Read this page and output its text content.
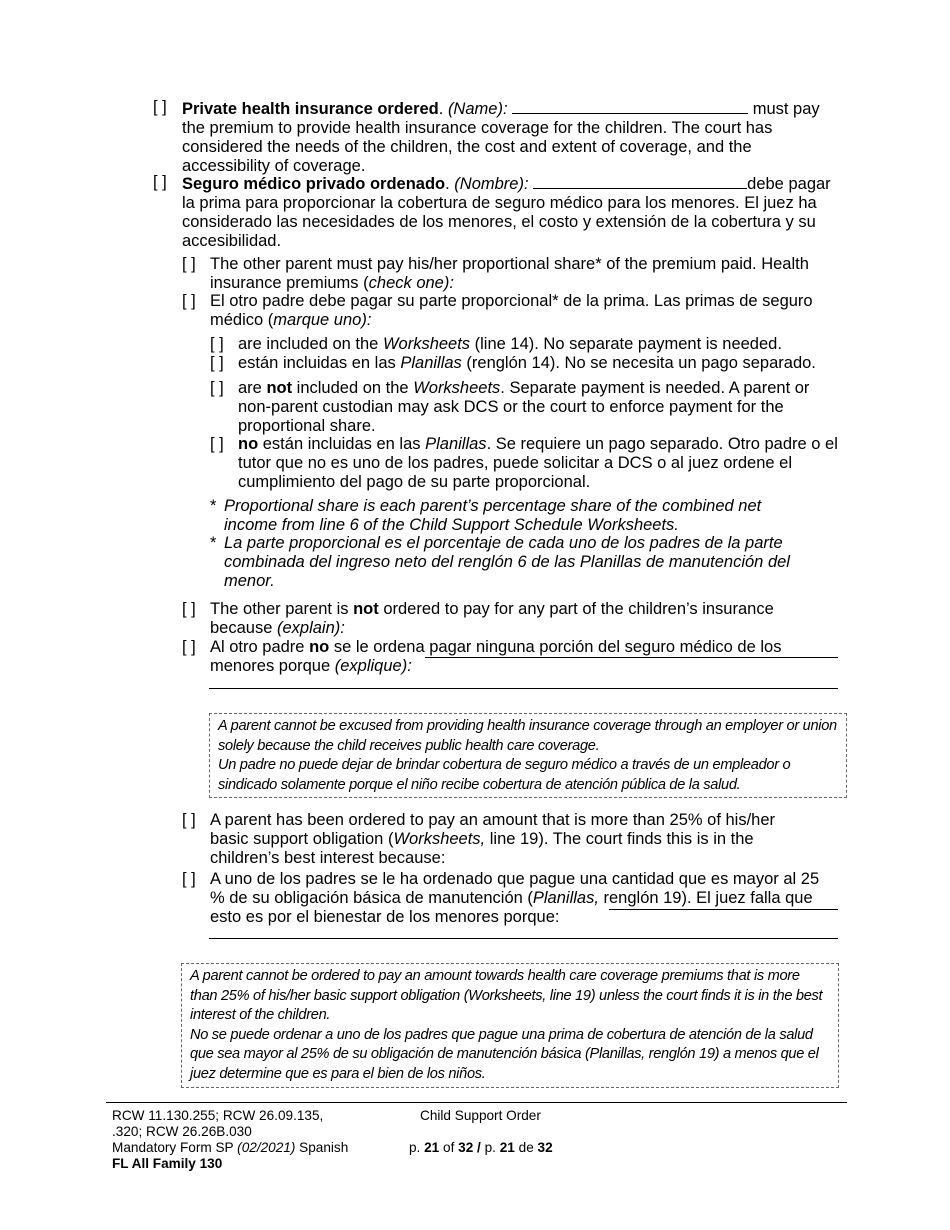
[ ] Private health insurance ordered. (Name):	must pay the premium to provide health insurance coverage for the children. The court has considered the needs of the children, the cost and extent of coverage, and the accessibility of coverage.
[ ] Seguro médico privado ordenado. (Nombre):	debe pagar la prima para proporcionar la cobertura de seguro médico para los menores. El juez ha considerado las necesidades de los menores, el costo y extensión de la cobertura y su accesibilidad.
[ ] The other parent must pay his/her proportional share* of the premium paid. Health insurance premiums (check one):
[ ] El otro padre debe pagar su parte proporcional* de la prima. Las primas de seguro médico (marque uno):
[ ] are included on the Worksheets (line 14). No separate payment is needed.
[ ] están incluidas en las Planillas (renglón 14). No se necesita un pago separado.
[ ] are not included on the Worksheets. Separate payment is needed. A parent or non-parent custodian may ask DCS or the court to enforce payment for the proportional share.
[ ] no están incluidas en las Planillas. Se requiere un pago separado. Otro padre o el tutor que no es uno de los padres, puede solicitar a DCS o al juez ordene el cumplimiento del pago de su parte proporcional.
* Proportional share is each parent’s percentage share of the combined net income from line 6 of the Child Support Schedule Worksheets.
* La parte proporcional es el porcentaje de cada uno de los padres de la parte combinada del ingreso neto del renglón 6 de las Planillas de manutención del menor.
[ ] The other parent is not ordered to pay for any part of the children’s insurance because (explain):
[ ] Al otro padre no se le ordena pagar ninguna porción del seguro médico de los menores porque (explique):

A parent cannot be excused from providing health insurance coverage through an employer or union solely because the child receives public health care coverage.

Un padre no puede dejar de brindar cobertura de seguro médico a través de un empleador o sindicado solamente porque el niño recibe cobertura de atención pública de la salud.

[ ] A parent has been ordered to pay an amount that is more than 25% of his/her basic support obligation (Worksheets, line 19). The court finds this is in the children’s best interest because:
[ ] A uno de los padres se le ha ordenado que pague una cantidad que es mayor al 25 % de su obligación básica de manutención (Planillas, renglón 19). El juez falla que esto es por el bienestar de los menores porque:

A parent cannot be ordered to pay an amount towards health care coverage premiums that is more than 25% of his/her basic support obligation (Worksheets, line 19) unless the court finds it is in the best interest of the children.

No se puede ordenar a uno de los padres que pague una prima de cobertura de atención de la salud que sea mayor al 25% de su obligación de manutención básica (Planillas, renglón 19) a menos que el juez determine que es para el bien de los niños.

RCW 11.130.255; RCW 26.09.135,
.320; RCW 26.26B.030
Mandatory Form SP (02/2021) Spanish
FL All Family 130
Child Support Order
p. 21 of 32 / p. 21 de 32
